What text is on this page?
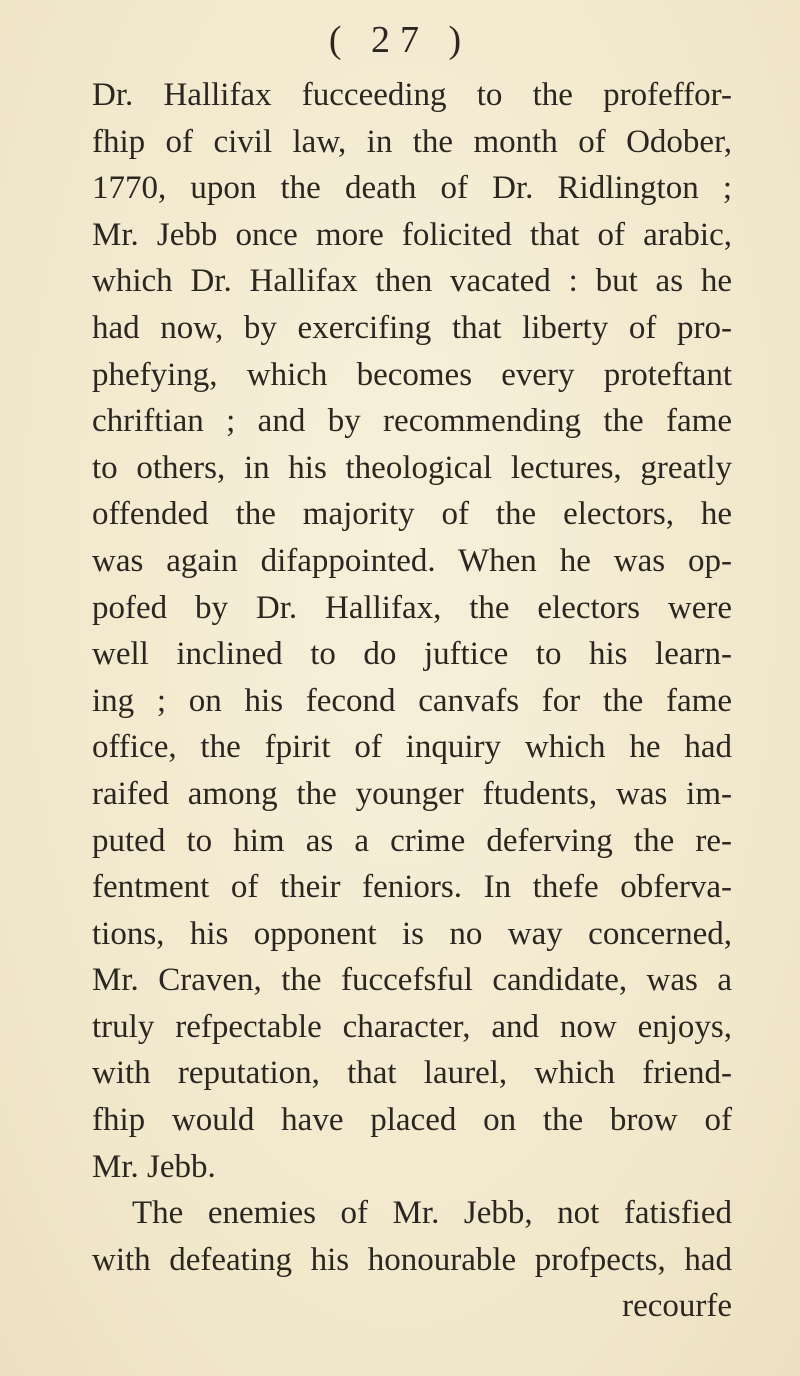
( 27 )
Dr. Hallifax fucceeding to the profeffor-
fhip of civil law, in the month of Odober,
1770, upon the death of Dr. Ridlington ;
Mr. Jebb once more folicited that of arabic,
which Dr. Hallifax then vacated : but as he
had now, by exercifing that liberty of pro-
phefying, which becomes every proteftant
chriftian ; and by recommending the fame
to others, in his theological lectures, greatly
offended the majority of the electors, he
was again difappointed. When he was op-
pofed by Dr. Hallifax, the electors were
well inclined to do juftice to his learn-
ing ; on his fecond canvafs for the fame
office, the fpirit of inquiry which he had
raifed among the younger ftudents, was im-
puted to him as a crime deferving the re-
fentment of their feniors. In thefe obferva-
tions, his opponent is no way concerned,
Mr. Craven, the fuccefsful candidate, was a
truly refpectable character, and now enjoys,
with reputation, that laurel, which friend-
fhip would have placed on the brow of
Mr. Jebb.
The enemies of Mr. Jebb, not fatisfied
with defeating his honourable profpects, had
recourfe
